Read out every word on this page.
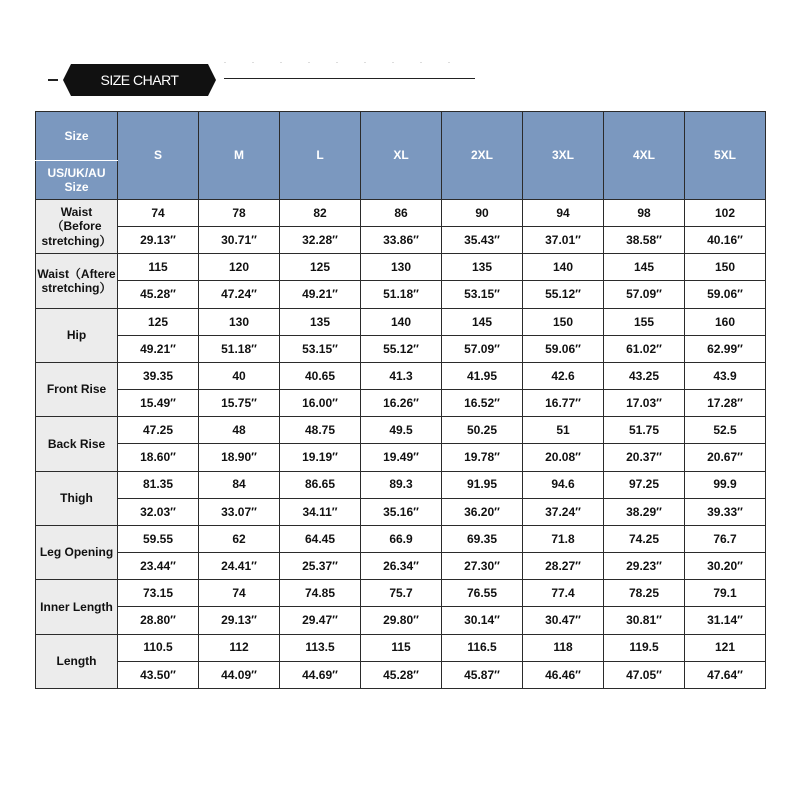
SIZE CHART
Size	S	M	L	XL	2XL	3XL	4XL	5XL
US/UK/AU Size								
Waist（Before stretching）	74	78	82	86	90	94	98	102
	29.13″	30.71″	32.28″	33.86″	35.43″	37.01″	38.58″	40.16″
Waist（Aftere stretching）	115	120	125	130	135	140	145	150
	45.28″	47.24″	49.21″	51.18″	53.15″	55.12″	57.09″	59.06″
Hip	125	130	135	140	145	150	155	160
	49.21″	51.18″	53.15″	55.12″	57.09″	59.06″	61.02″	62.99″
Front Rise	39.35	40	40.65	41.3	41.95	42.6	43.25	43.9
	15.49″	15.75″	16.00″	16.26″	16.52″	16.77″	17.03″	17.28″
Back Rise	47.25	48	48.75	49.5	50.25	51	51.75	52.5
	18.60″	18.90″	19.19″	19.49″	19.78″	20.08″	20.37″	20.67″
Thigh	81.35	84	86.65	89.3	91.95	94.6	97.25	99.9
	32.03″	33.07″	34.11″	35.16″	36.20″	37.24″	38.29″	39.33″
Leg Opening	59.55	62	64.45	66.9	69.35	71.8	74.25	76.7
	23.44″	24.41″	25.37″	26.34″	27.30″	28.27″	29.23″	30.20″
Inner Length	73.15	74	74.85	75.7	76.55	77.4	78.25	79.1
	28.80″	29.13″	29.47″	29.80″	30.14″	30.47″	30.81″	31.14″
Length	110.5	112	113.5	115	116.5	118	119.5	121
	43.50″	44.09″	44.69″	45.28″	45.87″	46.46″	47.05″	47.64″
